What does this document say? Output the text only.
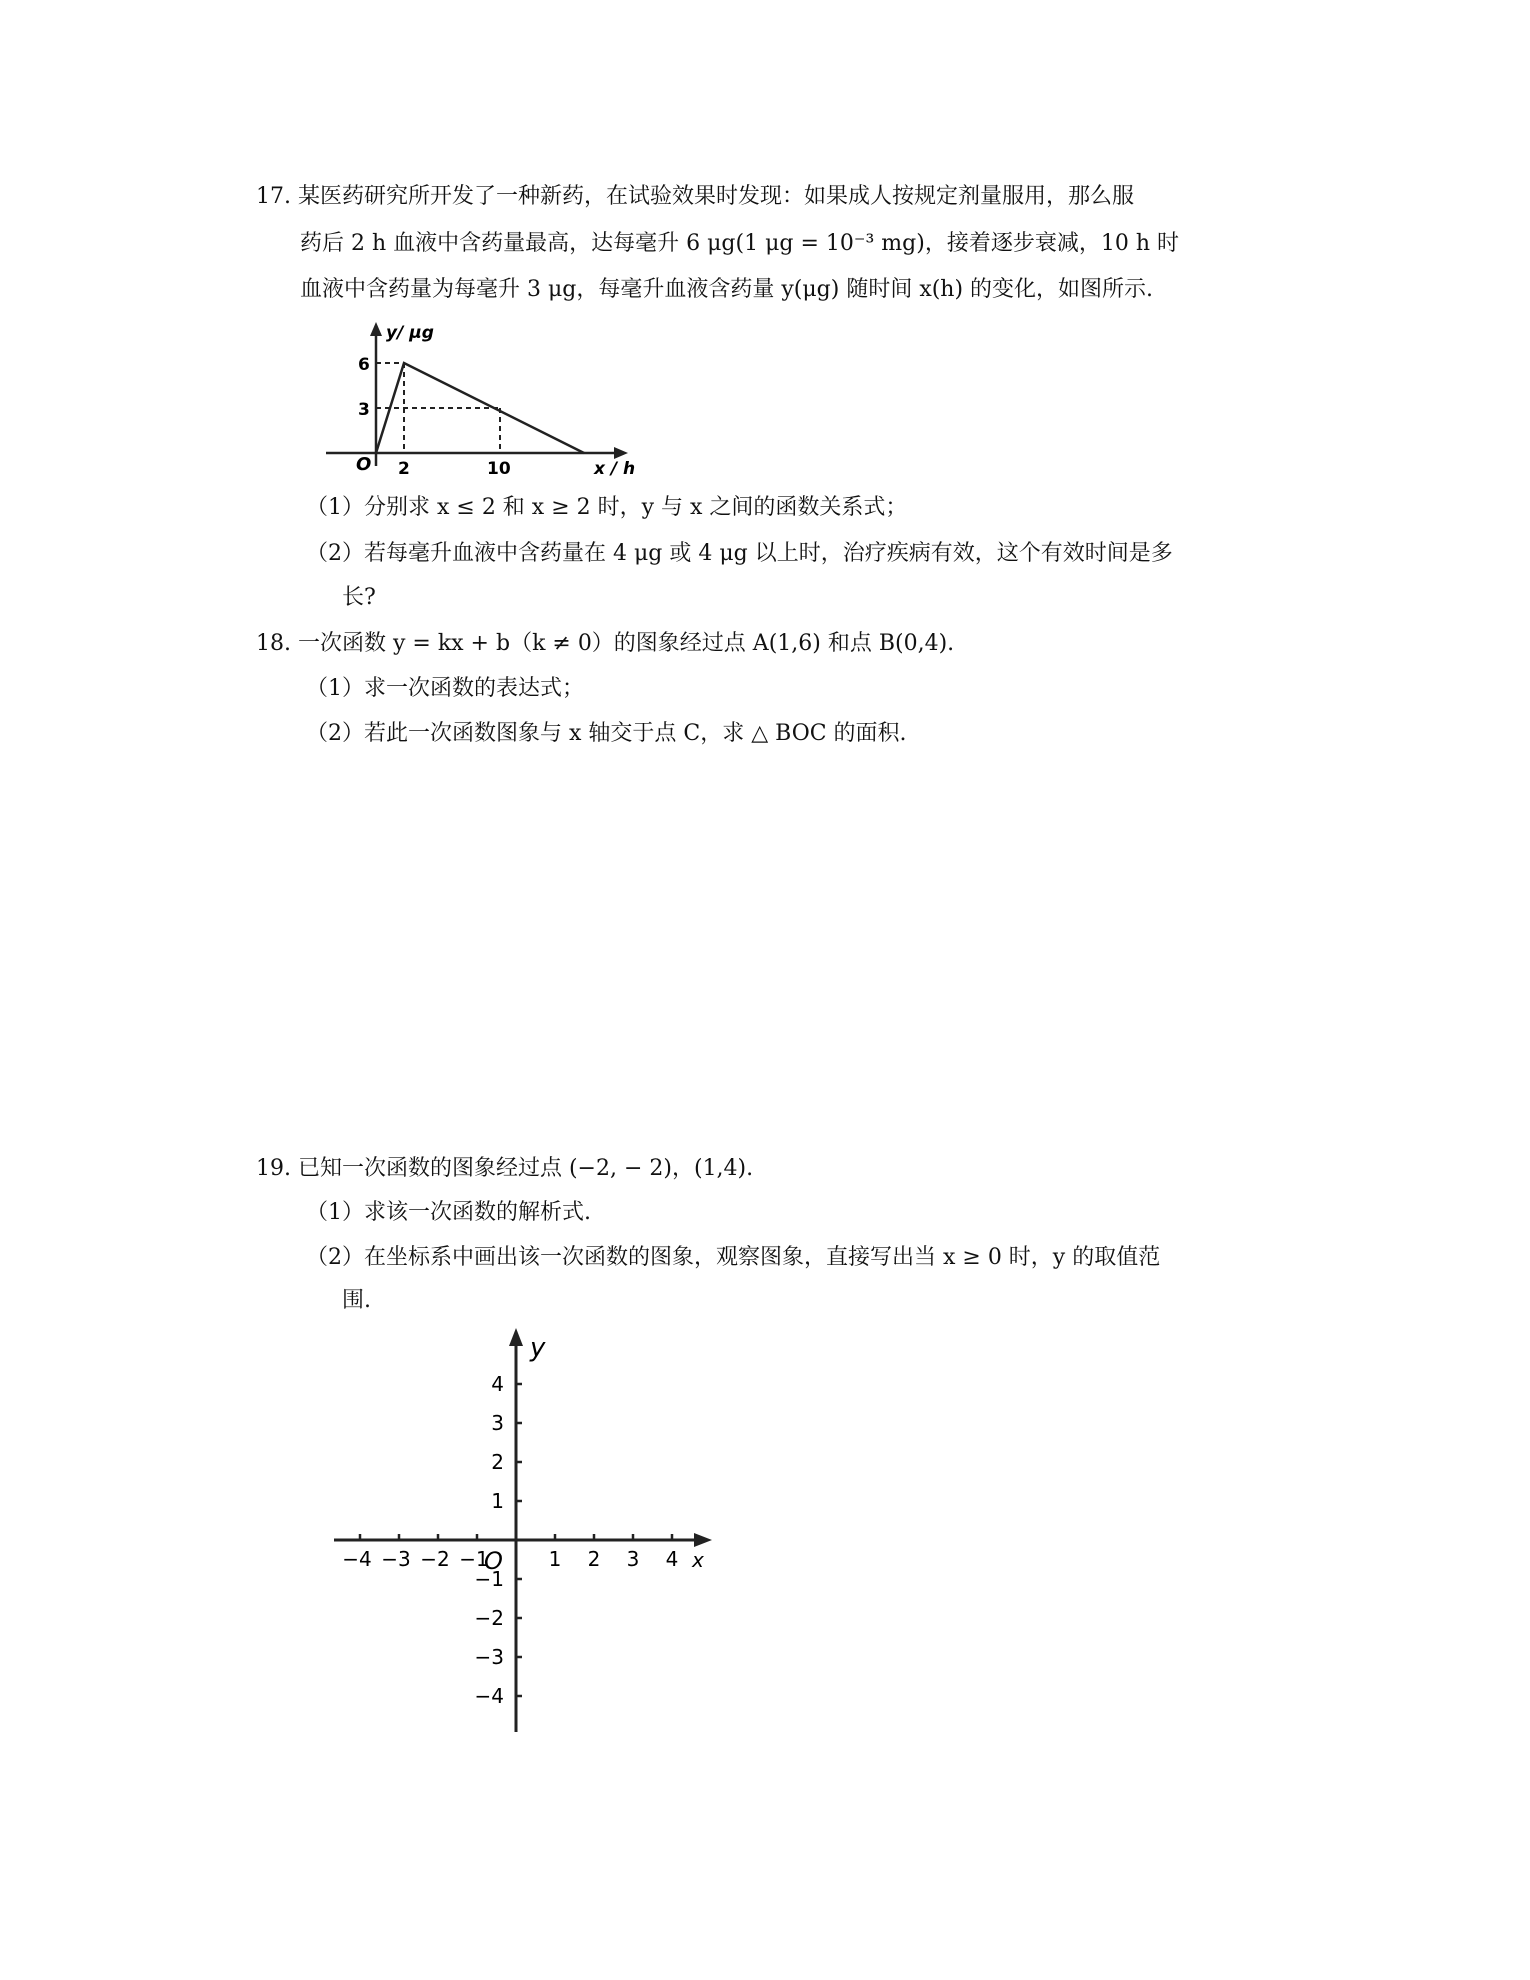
17. 某医药研究所开发了一种新药，在试验效果时发现：如果成人按规定剂量服用，那么服
药后 2 h 血液中含药量最高，达每毫升 6 μg(1 μg = 10⁻³ mg)，接着逐步衰减，10 h 时
血液中含药量为每毫升 3 μg，每毫升血液含药量 y(μg) 随时间 x(h) 的变化，如图所示.
y/ μg
x / h
O
6
3
2	10
（1）分别求 x ≤ 2 和 x ≥ 2 时，y 与 x 之间的函数关系式；
（2）若每毫升血液中含药量在 4 μg 或 4 μg 以上时，治疗疾病有效，这个有效时间是多
长?
18. 一次函数 y = kx + b（k ≠ 0）的图象经过点 A(1,6) 和点 B(0,4).
（1）求一次函数的表达式；
（2）若此一次函数图象与 x 轴交于点 C，求 △ BOC 的面积.
19. 已知一次函数的图象经过点 (−2, − 2)，(1,4).
（1）求该一次函数的解析式.
（2）在坐标系中画出该一次函数的图象，观察图象，直接写出当 x ≥ 0 时，y 的取值范
围.
y
x
O
−4 −3 −2 −1	1 2 3 4
4
3
2
1
−1
−2
−3
−4
